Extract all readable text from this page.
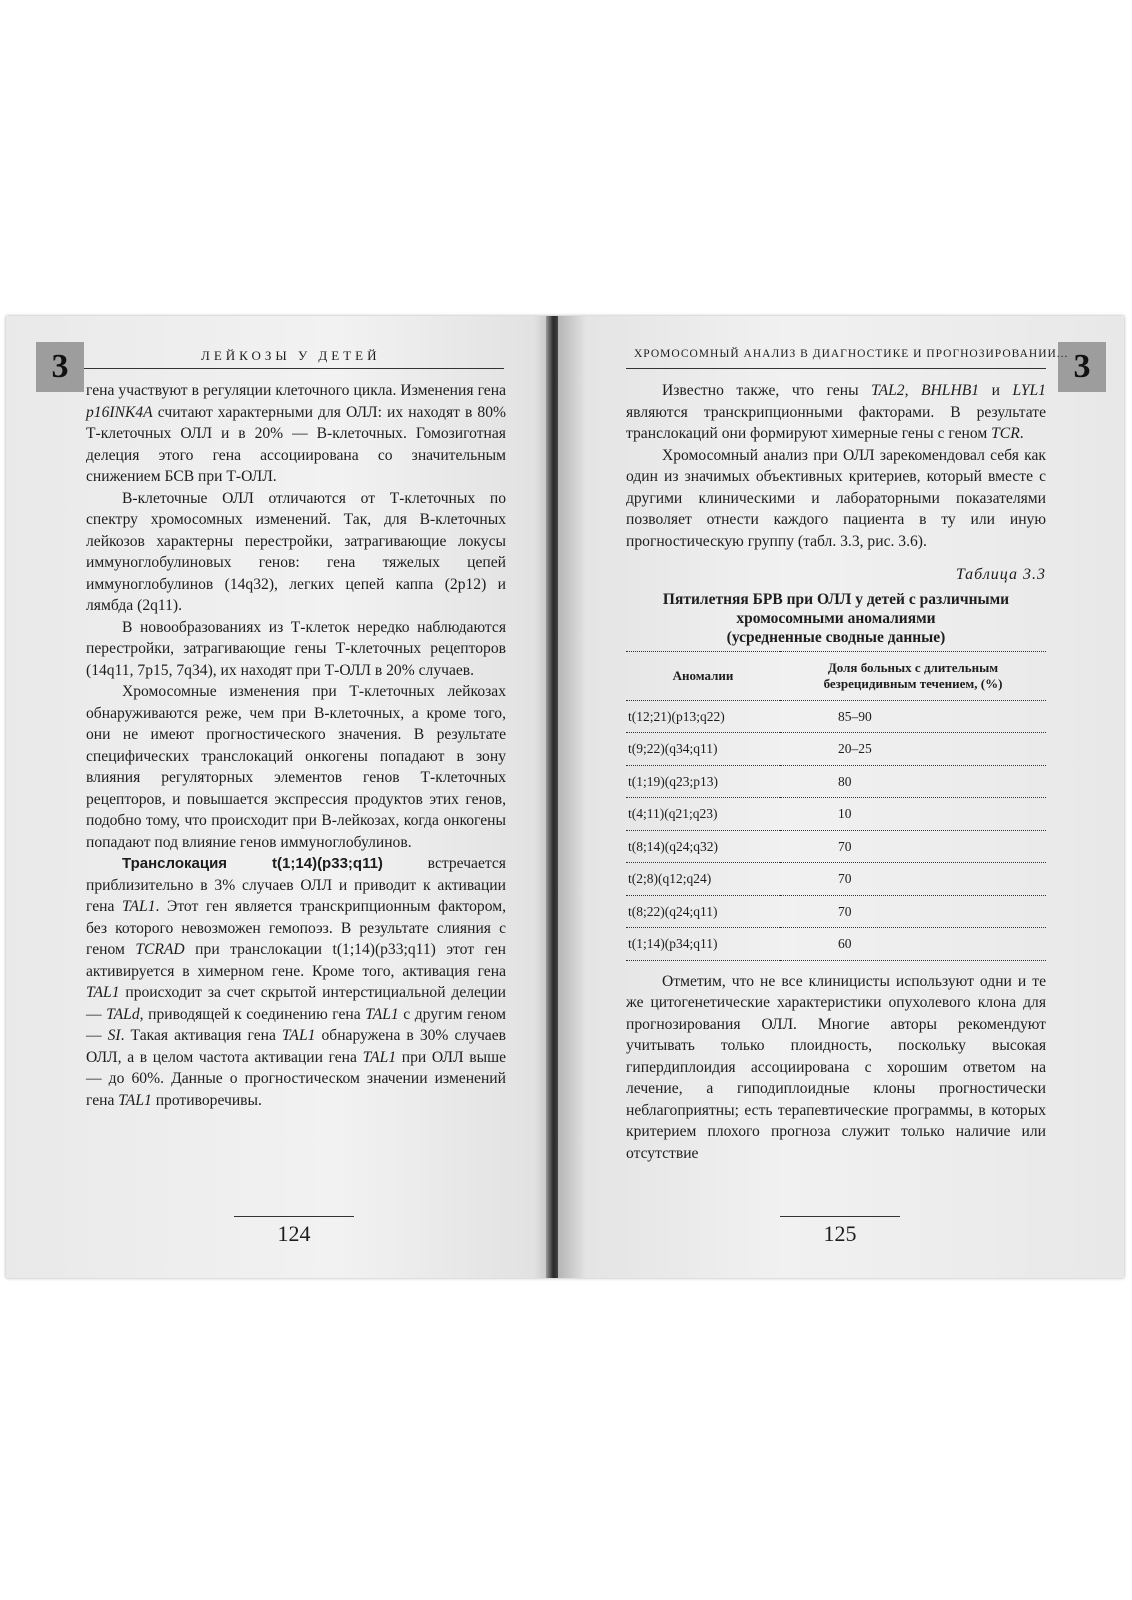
3	ЛЕЙКОЗЫ У ДЕТЕЙ

гена участвуют в регуляции клеточного цикла. Изменения гена p16INK4A считают характерными для ОЛЛ: их находят в 80% Т-клеточных ОЛЛ и в 20% — В-клеточных. Гомозиготная делеция этого гена ассоциирована со значительным снижением БСВ при Т-ОЛЛ.

В-клеточные ОЛЛ отличаются от Т-клеточных по спектру хромосомных изменений. Так, для В-клеточных лейкозов характерны перестройки, затрагивающие локусы иммуноглобулиновых генов: гена тяжелых цепей иммуноглобулинов (14q32), легких цепей каппа (2p12) и лямбда (2q11).

В новообразованиях из Т-клеток нередко наблюдаются перестройки, затрагивающие гены Т-клеточных рецепторов (14q11, 7p15, 7q34), их находят при Т-ОЛЛ в 20% случаев.

Хромосомные изменения при Т-клеточных лейкозах обнаруживаются реже, чем при В-клеточных, а кроме того, они не имеют прогностического значения. В результате специфических транслокаций онкогены попадают в зону влияния регуляторных элементов генов Т-клеточных рецепторов, и повышается экспрессия продуктов этих генов, подобно тому, что происходит при В-лейкозах, когда онкогены попадают под влияние генов иммуноглобулинов.

Транслокация t(1;14)(p33;q11) встречается приблизительно в 3% случаев ОЛЛ и приводит к активации гена TAL1. Этот ген является транскрипционным фактором, без которого невозможен гемопоэз. В результате слияния с геном TCRAD при транслокации t(1;14)(p33;q11) этот ген активируется в химерном гене. Кроме того, активация гена TAL1 происходит за счет скрытой интерстициальной делеции — TALd, приводящей к соединению гена TAL1 с другим геном — SI. Такая активация гена TAL1 обнаружена в 30% случаев ОЛЛ, а в целом частота активации гена TAL1 при ОЛЛ выше — до 60%. Данные о прогностическом значении изменений гена TAL1 противоречивы.

124
3
ХРОМОСОМНЫЙ АНАЛИЗ В ДИАГНОСТИКЕ И ПРОГНОЗИРОВАНИИ...

Известно также, что гены TAL2, BHLHB1 и LYL1 являются транскрипционными факторами. В результате транслокаций они формируют химерные гены с геном TCR.

Хромосомный анализ при ОЛЛ зарекомендовал себя как один из значимых объективных критериев, который вместе с другими клиническими и лабораторными показателями позволяет отнести каждого пациента в ту или иную прогностическую группу (табл. 3.3, рис. 3.6).

Таблица 3.3
Пятилетняя БРВ при ОЛЛ у детей с различными
хромосомными аномалиями
(усредненные сводные данные)
Аномалии	Доля больных с длительным
безрецидивным течением, (%)
t(12;21)(p13;q22)	85–90
t(9;22)(q34;q11)	20–25
t(1;19)(q23;p13)	80
t(4;11)(q21;q23)	10
t(8;14)(q24;q32)	70
t(2;8)(q12;q24)	70
t(8;22)(q24;q11)	70
t(1;14)(p34;q11)	60

Отметим, что не все клиницисты используют одни и те же цитогенетические характеристики опухолевого клона для прогнозирования ОЛЛ. Многие авторы рекомендуют учитывать только плоидность, поскольку высокая гипердиплоидия ассоциирована с хорошим ответом на лечение, а гиподиплоидные клоны прогностически неблагоприятны; есть терапевтические программы, в которых критерием плохого прогноза служит только наличие или отсутствие

125
